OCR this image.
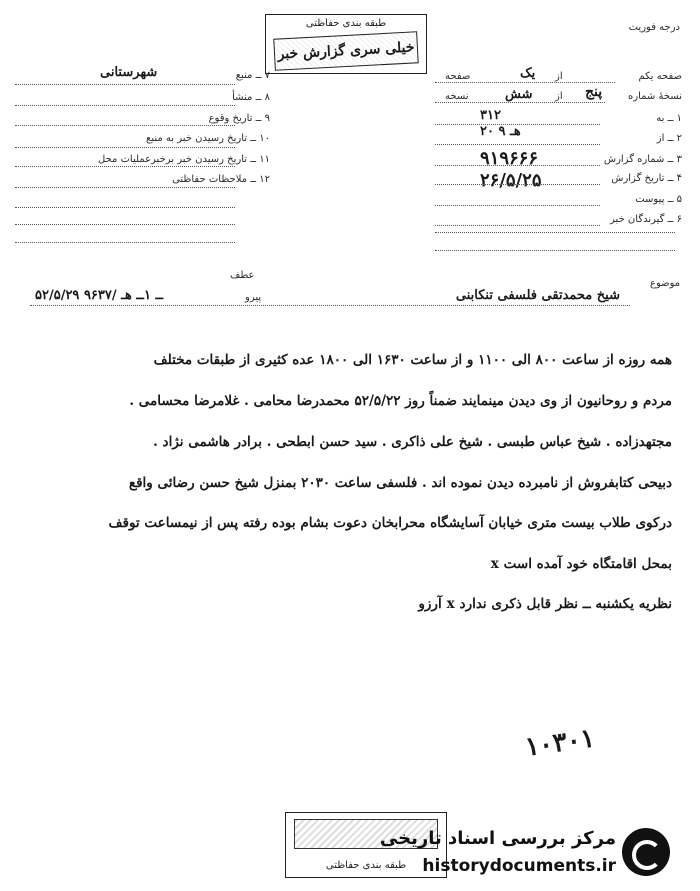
طبقه بندی حفاظتی
خیلی سری گزارش خبر
درجه فوریت
۷ ــ منبع
شهرستانی
۸ ــ منشأ
۹ ــ تاریخ وقوع
۱۰ ــ تاریخ رسیدن خبر به منبع
۱۱ ــ تاریخ رسیدن خبر برخبرعملیات محل
۱۲ ــ ملاحظات حفاظتی
صفحه یکم
یک از
صفحه
نسخهٔ شماره
پنج
از
شش
نسخه
۱ ــ به
۳۱۲
۲ ــ از
۲۰ هـ ۹
۳ ــ شماره گزارش
۹۱۹۶۶۶
۴ ــ تاریخ گزارش
۲۶/۵/۲۵
۵ ــ پیوست
۶ ــ گیرندگان خبر
موضوع
شیخ محمدتقی فلسفی تنکابنی
عطف
پیرو
۵۲/۵/۲۹ ــ ۱ــ هـ /۹۶۳۷
همه روزه از ساعت ۸۰۰ الی ۱۱۰۰ و از ساعت ۱۶۳۰ الی ۱۸۰۰ عده کثیری از طبقات مختلف
مردم و روحانیون از وی دیدن مینمایند ضمناً روز ۵۲/۵/۲۲ محمدرضا محامی . غلامرضا محسامی .
مجتهدزاده . شیخ عباس طبسی . شیخ علی ذاکری . سید حسن ابطحی . برادر هاشمی نژاد .
دبیحی کتابفروش از نامبرده دیدن نموده اند . فلسفی ساعت ۲۰۳۰ بمنزل شیخ حسن رضائی واقع
درکوی طلاب بیست متری خیابان آسایشگاه محرابخان دعوت بشام بوده رفته پس از نیمساعت توقف
بمحل اقامتگاه خود آمده است x
نظریه یکشنبه ــ نظر قابل ذکری ندارد x آرزو
۱۰۳۰۱
طبقه بندی حفاظتی
مرکز بررسی اسناد تاریخی
historydocuments.ir
